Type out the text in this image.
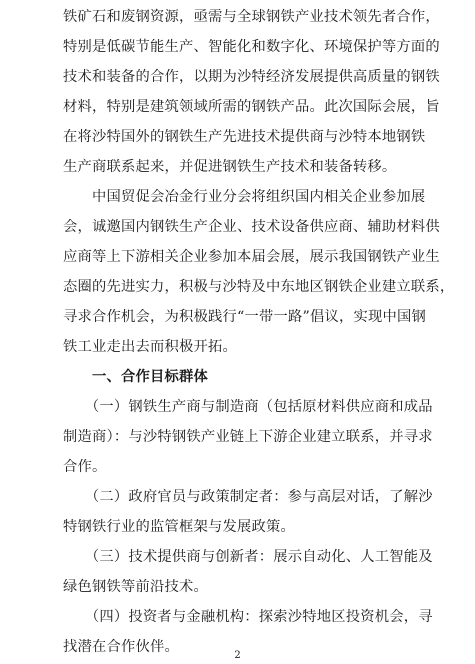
铁矿石和废钢资源，亟需与全球钢铁产业技术领先者合作，
特别是低碳节能生产、智能化和数字化、环境保护等方面的
技术和装备的合作，以期为沙特经济发展提供高质量的钢铁
材料，特别是建筑领域所需的钢铁产品。此次国际会展，旨
在将沙特国外的钢铁生产先进技术提供商与沙特本地钢铁
生产商联系起来，并促进钢铁生产技术和装备转移。
　　中国贸促会冶金行业分会将组织国内相关企业参加展
会，诚邀国内钢铁生产企业、技术设备供应商、辅助材料供
应商等上下游相关企业参加本届会展，展示我国钢铁产业生
态圈的先进实力，积极与沙特及中东地区钢铁企业建立联系，
寻求合作机会，为积极践行“一带一路”倡议，实现中国钢
铁工业走出去而积极开拓。
　　一、合作目标群体
　　（一）钢铁生产商与制造商（包括原材料供应商和成品
制造商）：与沙特钢铁产业链上下游企业建立联系，并寻求
合作。
　　（二）政府官员与政策制定者：参与高层对话，了解沙
特钢铁行业的监管框架与发展政策。
　　（三）技术提供商与创新者：展示自动化、人工智能及
绿色钢铁等前沿技术。
　　（四）投资者与金融机构：探索沙特地区投资机会，寻
找潜在合作伙伴。
2
